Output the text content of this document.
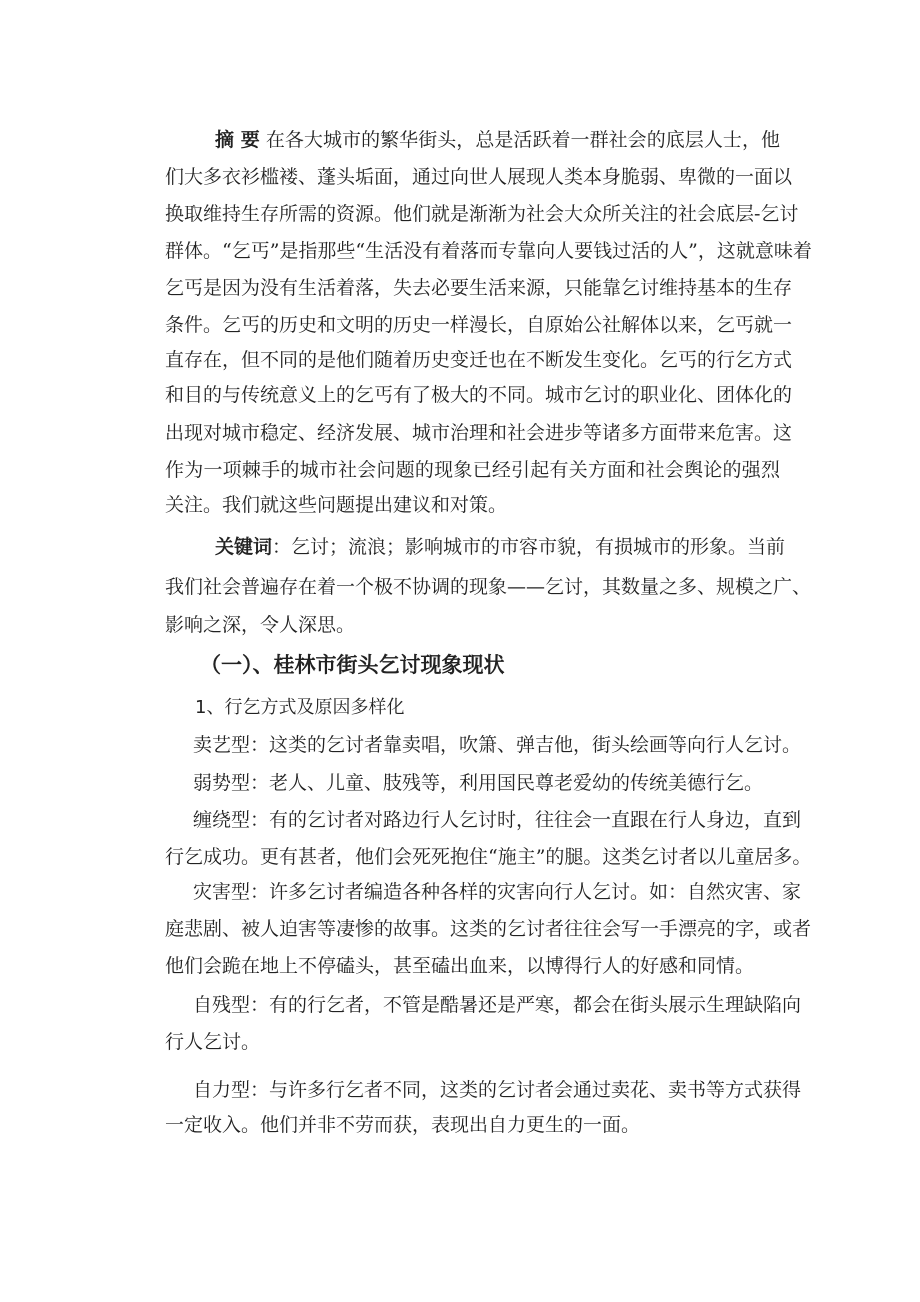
摘 要 在各大城市的繁华街头，总是活跃着一群社会的底层人士，他
们大多衣衫槛褛、蓬头垢面，通过向世人展现人类本身脆弱、卑微的一面以
换取维持生存所需的资源。他们就是渐渐为社会大众所关注的社会底层-乞讨
群体。“乞丐”是指那些“生活没有着落而专靠向人要钱过活的人”，这就意味着
乞丐是因为没有生活着落，失去必要生活来源，只能靠乞讨维持基本的生存
条件。乞丐的历史和文明的历史一样漫长，自原始公社解体以来，乞丐就一
直存在，但不同的是他们随着历史变迁也在不断发生变化。乞丐的行乞方式
和目的与传统意义上的乞丐有了极大的不同。城市乞讨的职业化、团体化的
出现对城市稳定、经济发展、城市治理和社会进步等诸多方面带来危害。这
作为一项棘手的城市社会问题的现象已经引起有关方面和社会舆论的强烈
关注。我们就这些问题提出建议和对策。
关键词：乞讨；流浪；影响城市的市容市貌，有损城市的形象。当前
我们社会普遍存在着一个极不协调的现象——乞讨，其数量之多、规模之广、
影响之深，令人深思。
（一）、桂林市街头乞讨现象现状
1、行乞方式及原因多样化
卖艺型：这类的乞讨者靠卖唱，吹箫、弹吉他，街头绘画等向行人乞讨。
弱势型：老人、儿童、肢残等，利用国民尊老爱幼的传统美德行乞。
缠绕型：有的乞讨者对路边行人乞讨时，往往会一直跟在行人身边，直到
行乞成功。更有甚者，他们会死死抱住“施主”的腿。这类乞讨者以儿童居多。
灾害型：许多乞讨者编造各种各样的灾害向行人乞讨。如：自然灾害、家
庭悲剧、被人迫害等凄惨的故事。这类的乞讨者往往会写一手漂亮的字，或者
他们会跪在地上不停磕头，甚至磕出血来，以博得行人的好感和同情。
自残型：有的行乞者，不管是酷暑还是严寒，都会在街头展示生理缺陷向
行人乞讨。
自力型：与许多行乞者不同，这类的乞讨者会通过卖花、卖书等方式获得
一定收入。他们并非不劳而获，表现出自力更生的一面。
